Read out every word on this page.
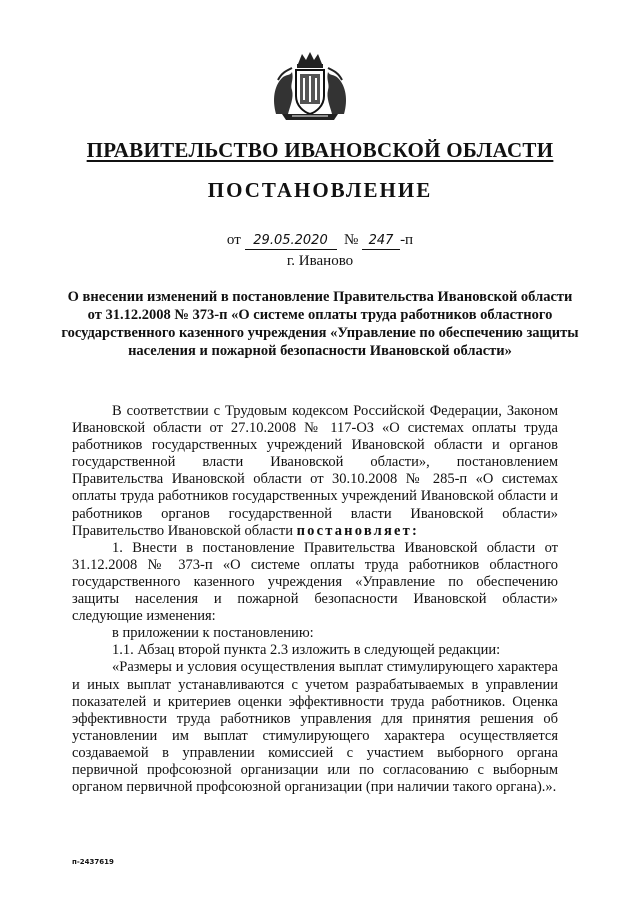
ПРАВИТЕЛЬСТВО ИВАНОВСКОЙ ОБЛАСТИ
ПОСТАНОВЛЕНИЕ
от 29.05.2020 № 247 -п
г. Иваново
О внесении изменений в постановление Правительства Ивановской области от 31.12.2008 № 373-п «О системе оплаты труда работников областного государственного казенного учреждения «Управление по обеспечению защиты населения и пожарной безопасности Ивановской области»

В соответствии с Трудовым кодексом Российской Федерации, Законом Ивановской области от 27.10.2008 № 117-ОЗ «О системах оплаты труда работников государственных учреждений Ивановской области и органов государственной власти Ивановской области», постановлением Правительства Ивановской области от 30.10.2008 № 285-п «О системах оплаты труда работников государственных учреждений Ивановской области и работников органов государственной власти Ивановской области» Правительство Ивановской области постановляет:

1. Внести в постановление Правительства Ивановской области от 31.12.2008 № 373-п «О системе оплаты труда работников областного государственного казенного учреждения «Управление по обеспечению защиты населения и пожарной безопасности Ивановской области» следующие изменения:

в приложении к постановлению:

1.1. Абзац второй пункта 2.3 изложить в следующей редакции:

«Размеры и условия осуществления выплат стимулирующего характера и иных выплат устанавливаются с учетом разрабатываемых в управлении показателей и критериев оценки эффективности труда работников. Оценка эффективности труда работников управления для принятия решения об установлении им выплат стимулирующего характера осуществляется создаваемой в управлении комиссией с участием выборного органа первичной профсоюзной организации или по согласованию с выборным органом первичной профсоюзной организации (при наличии такого органа).».

п-2437619
